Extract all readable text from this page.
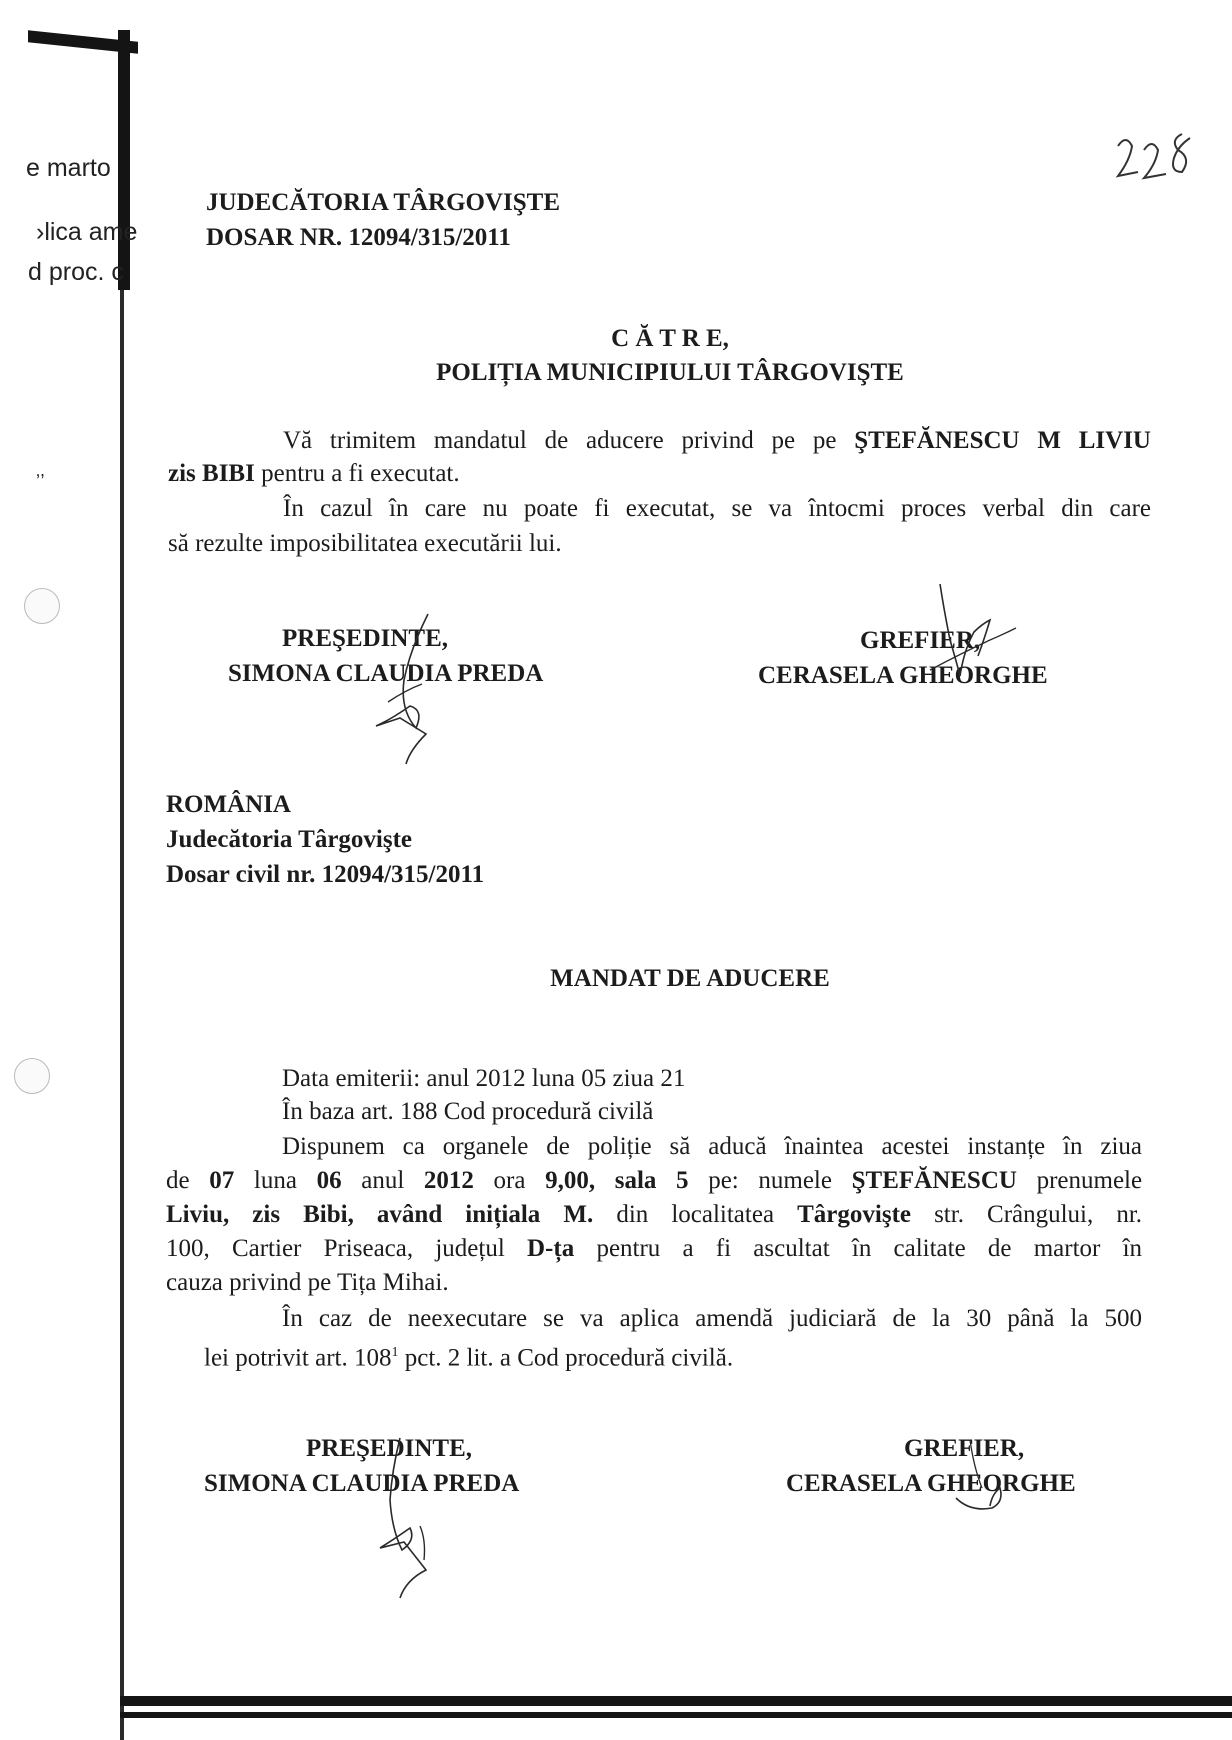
e marto
›lica ame
d proc. c
‚,
JUDECĂTORIA TÂRGOVIŞTE
DOSAR NR. 12094/315/2011
C Ă T R E,
POLIȚIA MUNICIPIULUI TÂRGOVIŞTE
Vă trimitem mandatul de aducere privind pe pe ŞTEFĂNESCU M LIVIU
zis BIBI pentru a fi executat.
În cazul în care nu poate fi executat, se va întocmi proces verbal din care
să rezulte imposibilitatea executării lui.
PREŞEDINTE,
SIMONA CLAUDIA PREDA
GREFIER,
CERASELA GHEORGHE
ROMÂNIA
Judecătoria Târgovişte
Dosar civil nr. 12094/315/2011
MANDAT DE ADUCERE
Data emiterii: anul 2012 luna 05 ziua 21
În baza art. 188 Cod procedură civilă
Dispunem ca organele de poliție să aducă înaintea acestei instanțe în ziua
de 07 luna 06 anul 2012 ora 9,00, sala 5 pe: numele ŞTEFĂNESCU prenumele
Liviu, zis Bibi, având inițiala M. din localitatea Târgovişte str. Crângului, nr.
100, Cartier Priseaca, județul D-ța pentru a fi ascultat în calitate de martor în
cauza privind pe Tița Mihai.
În caz de neexecutare se va aplica amendă judiciară de la 30 până la 500
lei potrivit art. $108^1$ pct. 2 lit. a Cod procedură civilă.
PREŞEDINTE,
SIMONA CLAUDIA PREDA
GREFIER,
CERASELA GHEORGHE
